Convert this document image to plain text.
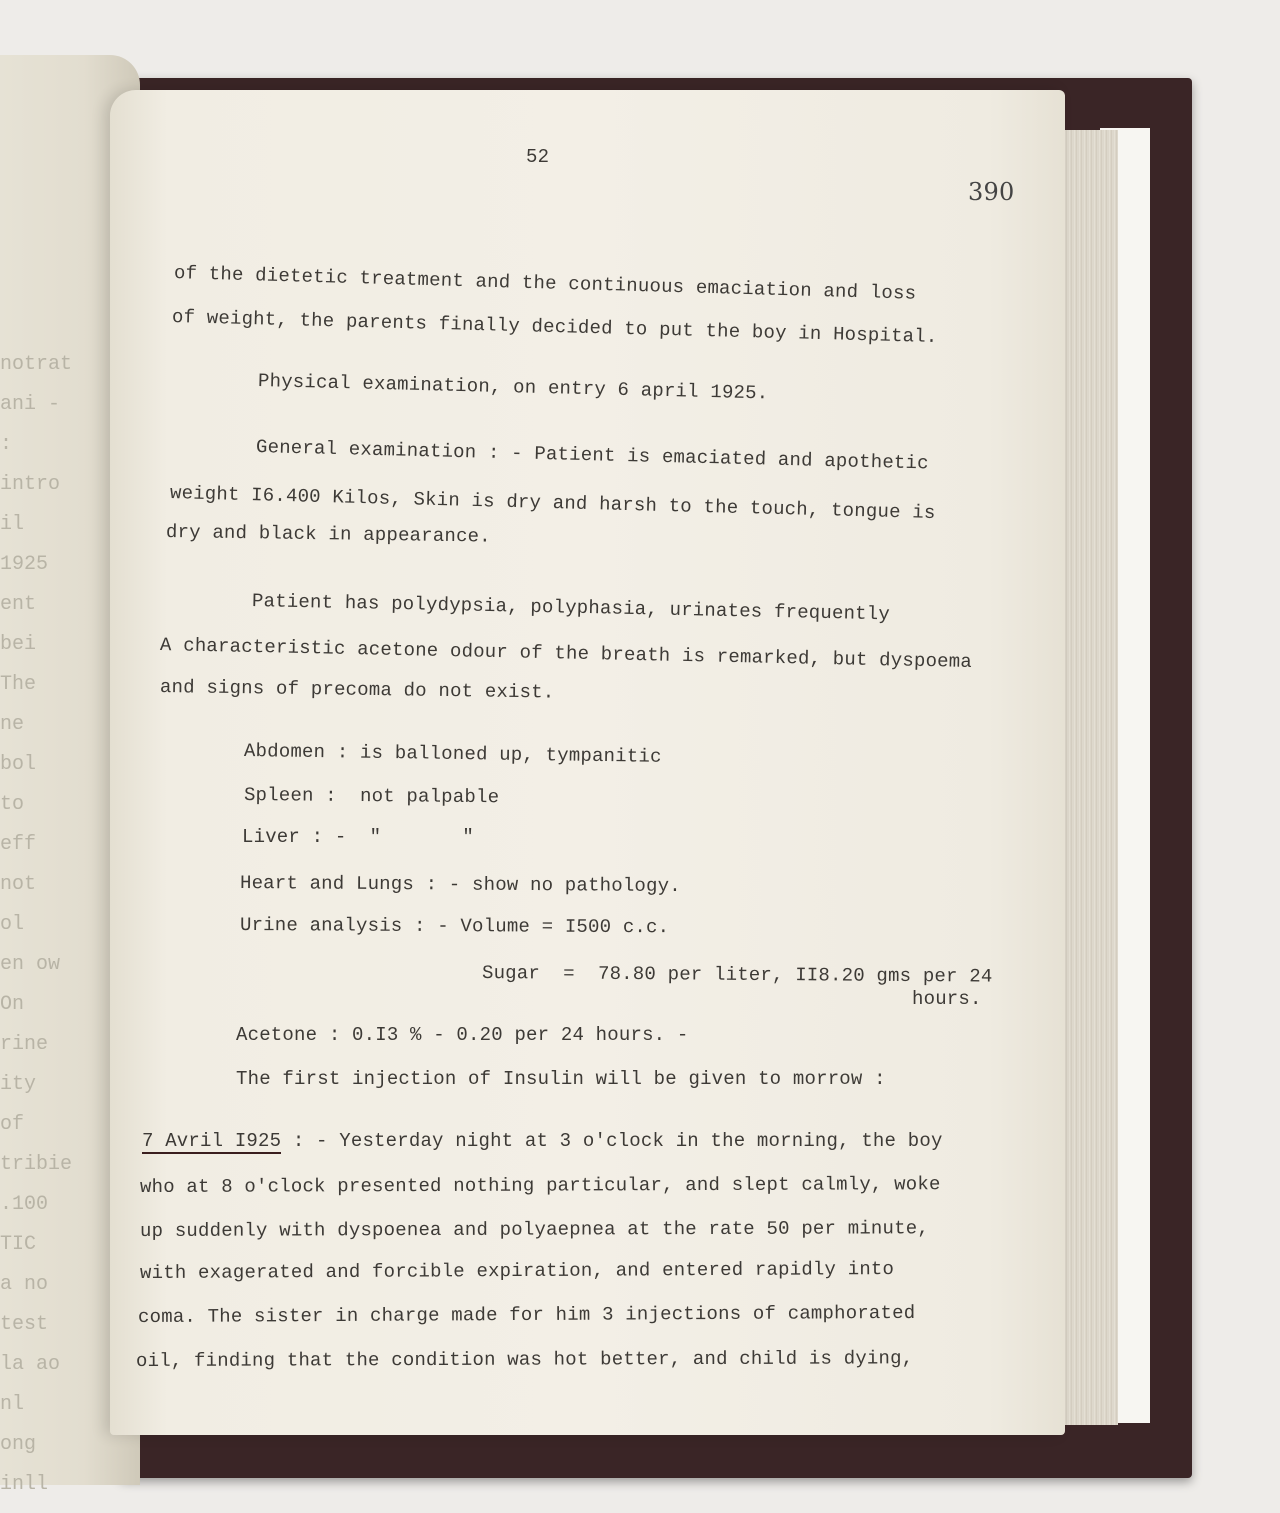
notrat
ani - :
intro
il 1925
ent
bei
The
ne bol
to eff
not ol
en ow
On
rine
ity of
tribie
.100
TIC
a no
test
la ao
nl
ong
inll
52
390
of the dietetic treatment and the continuous emaciation and loss
of weight, the parents finally decided to put the boy in Hospital.
Physical examination, on entry 6 april 1925.
General examination : - Patient is emaciated and apothetic
weight I6.400 Kilos, Skin is dry and harsh to the touch, tongue is
dry and black in appearance.
Patient has polydypsia, polyphasia, urinates frequently
A characteristic acetone odour of the breath is remarked, but dyspoema
and signs of precoma do not exist.
Abdomen : is balloned up, tympanitic
Spleen :  not palpable
Liver : -  "       "
Heart and Lungs : - show no pathology.
Urine analysis : - Volume = I500 c.c.
Sugar  =  78.80 per liter, II8.20 gms per 24
hours.
Acetone : 0.I3 % - 0.20 per 24 hours. -
The first injection of Insulin will be given to morrow :
7 Avril I925 : - Yesterday night at 3 o'clock in the morning, the boy
who at 8 o'clock presented nothing particular, and slept calmly, woke
up suddenly with dyspoenea and polyaepnea at the rate 50 per minute,
with exagerated and forcible expiration, and entered rapidly into
coma. The sister in charge made for him 3 injections of camphorated
oil, finding that the condition was hot better, and child is dying,
